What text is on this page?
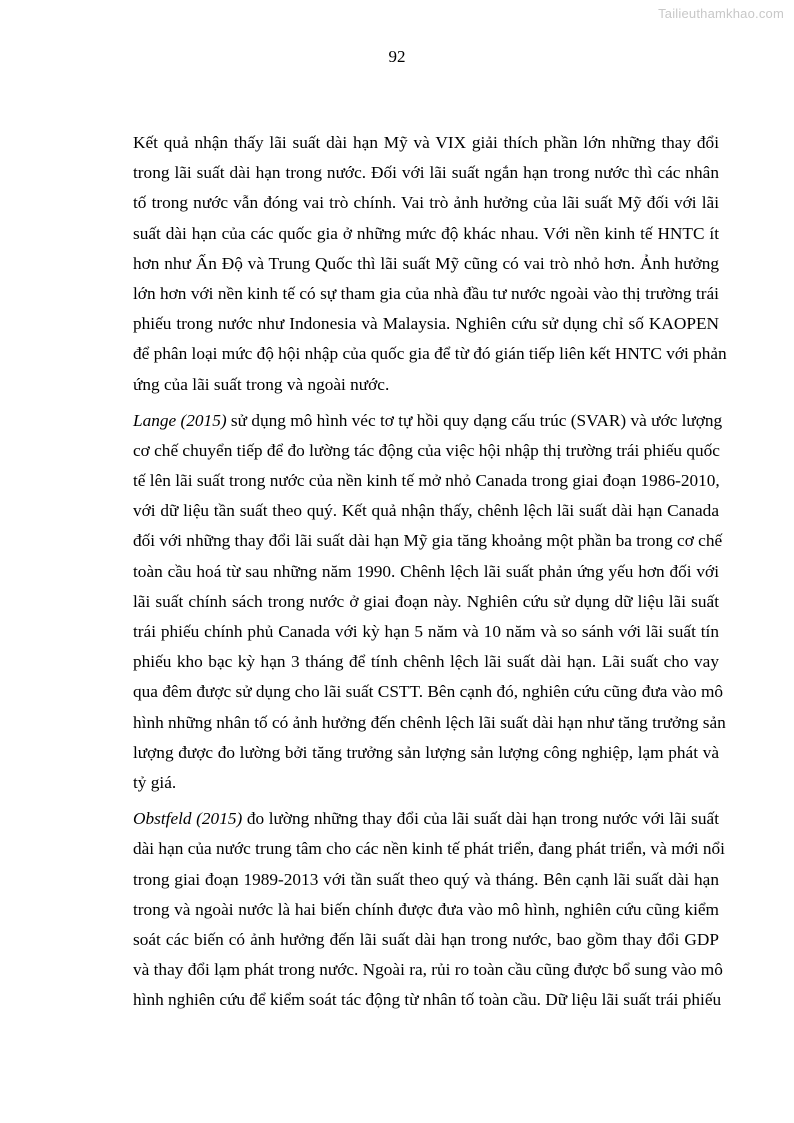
Tailieuthamkhao.com
92
Kết quả nhận thấy lãi suất dài hạn Mỹ và VIX giải thích phần lớn những thay đổi
trong lãi suất dài hạn trong nước. Đối với lãi suất ngắn hạn trong nước thì các nhân
tố trong nước vẫn đóng vai trò chính. Vai trò ảnh hưởng của lãi suất Mỹ đối với lãi
suất dài hạn của các quốc gia ở những mức độ khác nhau. Với nền kinh tế HNTC ít
hơn như Ấn Độ và Trung Quốc thì lãi suất Mỹ cũng có vai trò nhỏ hơn. Ảnh hưởng
lớn hơn với nền kinh tế có sự tham gia của nhà đầu tư nước ngoài vào thị trường trái
phiếu trong nước như Indonesia và Malaysia. Nghiên cứu sử dụng chỉ số KAOPEN
để phân loại mức độ hội nhập của quốc gia để từ đó gián tiếp liên kết HNTC với phản
ứng của lãi suất trong và ngoài nước.
Lange (2015) sử dụng mô hình véc tơ tự hồi quy dạng cấu trúc (SVAR) và ước lượng
cơ chế chuyển tiếp để đo lường tác động của việc hội nhập thị trường trái phiếu quốc
tế lên lãi suất trong nước của nền kinh tế mở nhỏ Canada trong giai đoạn 1986-2010,
với dữ liệu tần suất theo quý. Kết quả nhận thấy, chênh lệch lãi suất dài hạn Canada
đối với những thay đổi lãi suất dài hạn Mỹ gia tăng khoảng một phần ba trong cơ chế
toàn cầu hoá từ sau những năm 1990. Chênh lệch lãi suất phản ứng yếu hơn đối với
lãi suất chính sách trong nước ở giai đoạn này. Nghiên cứu sử dụng dữ liệu lãi suất
trái phiếu chính phủ Canada với kỳ hạn 5 năm và 10 năm và so sánh với lãi suất tín
phiếu kho bạc kỳ hạn 3 tháng để tính chênh lệch lãi suất dài hạn. Lãi suất cho vay
qua đêm được sử dụng cho lãi suất CSTT. Bên cạnh đó, nghiên cứu cũng đưa vào mô
hình những nhân tố có ảnh hưởng đến chênh lệch lãi suất dài hạn như tăng trưởng sản
lượng được đo lường bởi tăng trưởng sản lượng sản lượng công nghiệp, lạm phát và
tỷ giá.
Obstfeld (2015) đo lường những thay đổi của lãi suất dài hạn trong nước với lãi suất
dài hạn của nước trung tâm cho các nền kinh tế phát triển, đang phát triển, và mới nổi
trong giai đoạn 1989-2013 với tần suất theo quý và tháng. Bên cạnh lãi suất dài hạn
trong và ngoài nước là hai biến chính được đưa vào mô hình, nghiên cứu cũng kiểm
soát các biến có ảnh hưởng đến lãi suất dài hạn trong nước, bao gồm thay đổi GDP
và thay đổi lạm phát trong nước. Ngoài ra, rủi ro toàn cầu cũng được bổ sung vào mô
hình nghiên cứu để kiểm soát tác động từ nhân tố toàn cầu. Dữ liệu lãi suất trái phiếu
